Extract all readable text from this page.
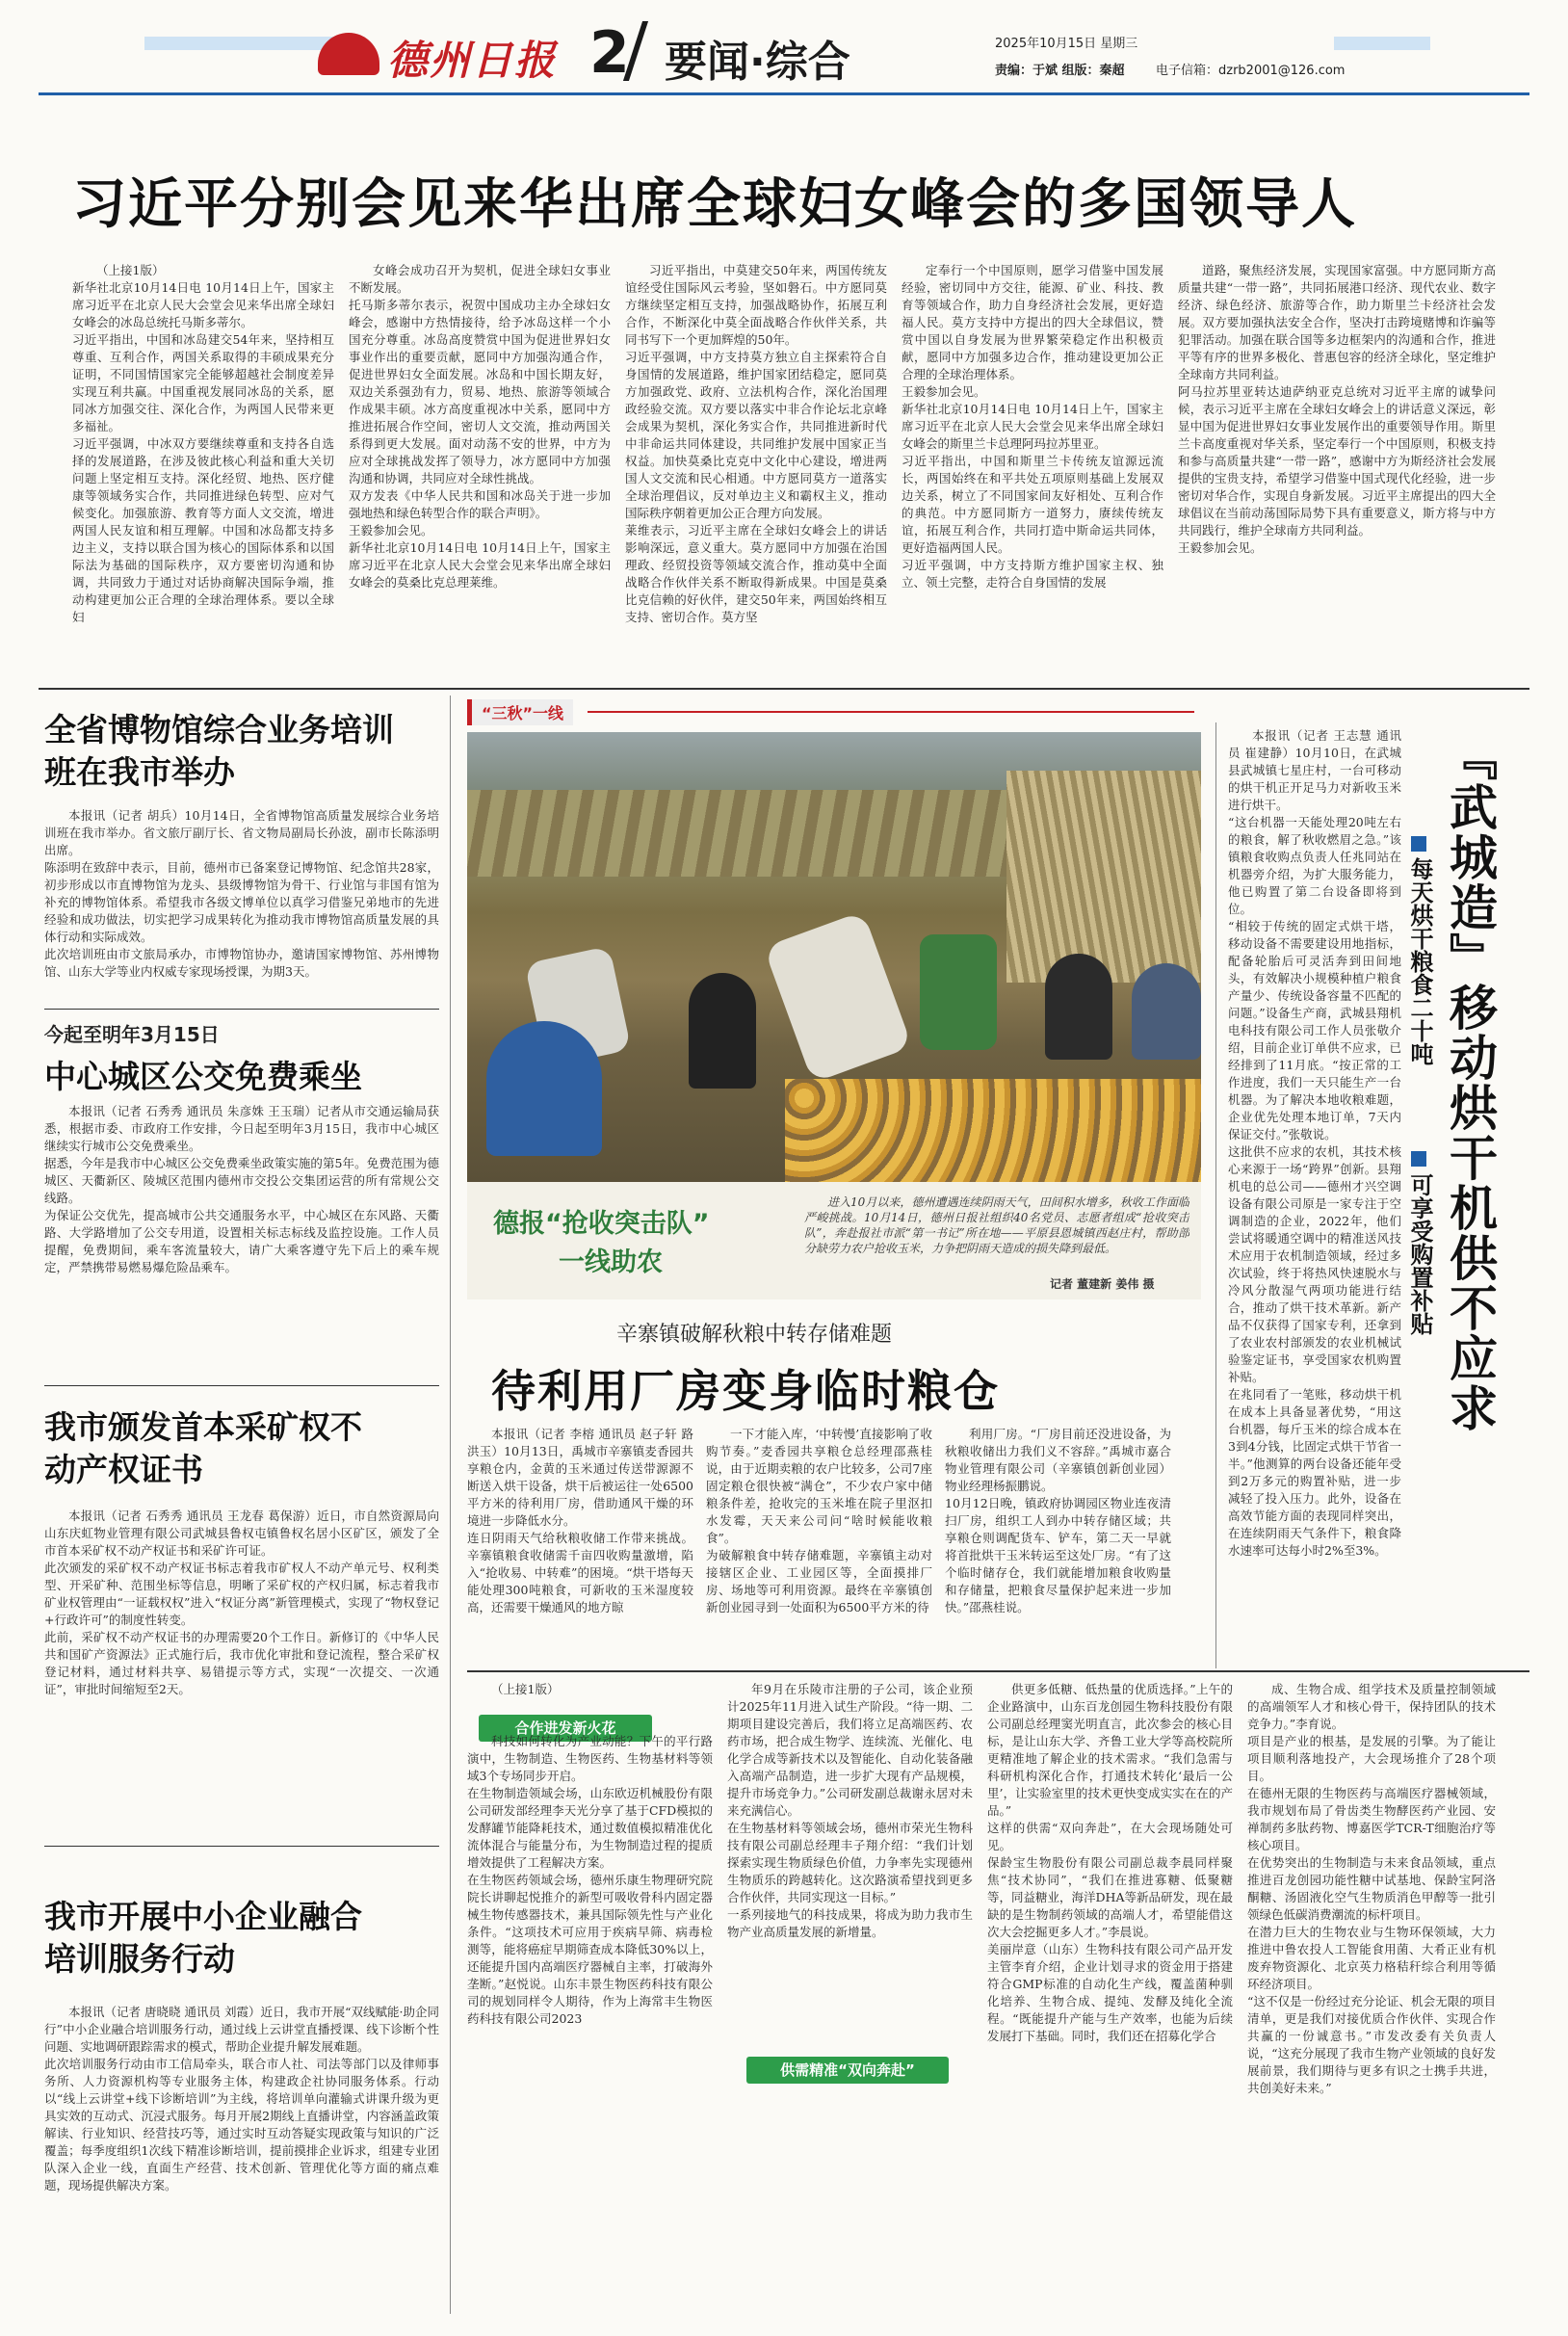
德州日报 2 要闻·综合	2025年10月15日 星期三
责编：于斌 组版：秦超 电子信箱：dzrb2001@126.com
习近平分别会见来华出席全球妇女峰会的多国领导人
（上接1版）
新华社北京10月14日电 10月14日上午，国家主席习近平在北京人民大会堂会见来华出席全球妇女峰会的冰岛总统托马斯多蒂尔。
习近平指出，中国和冰岛建交54年来，坚持相互尊重、互利合作，两国关系取得的丰硕成果充分证明，不同国情国家完全能够超越社会制度差异实现互利共赢。中国重视发展同冰岛的关系，愿同冰方加强交往、深化合作，为两国人民带来更多福祉。
习近平强调，中冰双方要继续尊重和支持各自选择的发展道路，在涉及彼此核心利益和重大关切问题上坚定相互支持。深化经贸、地热、医疗健康等领域务实合作，共同推进绿色转型、应对气候变化。加强旅游、教育等方面人文交流，增进两国人民友谊和相互理解。中国和冰岛都支持多边主义，支持以联合国为核心的国际体系和以国际法为基础的国际秩序，双方要密切沟通和协调，共同致力于通过对话协商解决国际争端，推动构建更加公正合理的全球治理体系。要以全球妇
女峰会成功召开为契机，促进全球妇女事业不断发展。
托马斯多蒂尔表示，祝贺中国成功主办全球妇女峰会，感谢中方热情接待，给予冰岛这样一个小国充分尊重。冰岛高度赞赏中国为促进世界妇女事业作出的重要贡献，愿同中方加强沟通合作，促进世界妇女全面发展。冰岛和中国长期友好，双边关系强劲有力，贸易、地热、旅游等领域合作成果丰硕。冰方高度重视冰中关系，愿同中方推进拓展合作空间，密切人文交流，推动两国关系得到更大发展。面对动荡不安的世界，中方为应对全球挑战发挥了领导力，冰方愿同中方加强沟通和协调，共同应对全球性挑战。
双方发表《中华人民共和国和冰岛关于进一步加强地热和绿色转型合作的联合声明》。
王毅参加会见。
新华社北京10月14日电 10月14日上午，国家主席习近平在北京人民大会堂会见来华出席全球妇女峰会的莫桑比克总理莱维。
习近平指出，中莫建交50年来，两国传统友谊经受住国际风云考验，坚如磐石。中方愿同莫方继续坚定相互支持，加强战略协作，拓展互利合作，不断深化中莫全面战略合作伙伴关系，共同书写下一个更加辉煌的50年。
习近平强调，中方支持莫方独立自主探索符合自身国情的发展道路，维护国家团结稳定，愿同莫方加强政党、政府、立法机构合作，深化治国理政经验交流。双方要以落实中非合作论坛北京峰会成果为契机，深化务实合作，共同推进新时代中非命运共同体建设，共同维护发展中国家正当权益。加快莫桑比克克中文化中心建设，增进两国人文交流和民心相通。中方愿同莫方一道落实全球治理倡议，反对单边主义和霸权主义，推动国际秩序朝着更加公正合理方向发展。
莱维表示，习近平主席在全球妇女峰会上的讲话影响深远，意义重大。莫方愿同中方加强在治国理政、经贸投资等领域交流合作，推动莫中全面战略合作伙伴关系不断取得新成果。中国是莫桑比克信赖的好伙伴，建交50年来，两国始终相互支持、密切合作。莫方坚
定奉行一个中国原则，愿学习借鉴中国发展经验，密切同中方交往，能源、矿业、科技、教育等领域合作，助力自身经济社会发展，更好造福人民。莫方支持中方提出的四大全球倡议，赞赏中国以自身发展为世界繁荣稳定作出积极贡献，愿同中方加强多边合作，推动建设更加公正合理的全球治理体系。
王毅参加会见。
新华社北京10月14日电 10月14日上午，国家主席习近平在北京人民大会堂会见来华出席全球妇女峰会的斯里兰卡总理阿玛拉苏里亚。
习近平指出，中国和斯里兰卡传统友谊源远流长，两国始终在和平共处五项原则基础上发展双边关系，树立了不同国家间友好相处、互利合作的典范。中方愿同斯方一道努力，赓续传统友谊，拓展互利合作，共同打造中斯命运共同体，更好造福两国人民。
习近平强调，中方支持斯方维护国家主权、独立、领土完整，走符合自身国情的发展
道路，聚焦经济发展，实现国家富强。中方愿同斯方高质量共建“一带一路”，共同拓展港口经济、现代农业、数字经济、绿色经济、旅游等合作，助力斯里兰卡经济社会发展。双方要加强执法安全合作，坚决打击跨境赌博和诈骗等犯罪活动。加强在联合国等多边框架内的沟通和合作，推进平等有序的世界多极化、普惠包容的经济全球化，坚定维护全球南方共同利益。
阿马拉苏里亚转达迪萨纳亚克总统对习近平主席的诚挚问候，表示习近平主席在全球妇女峰会上的讲话意义深远，彰显中国为促进世界妇女事业发展作出的重要领导作用。斯里兰卡高度重视对华关系，坚定奉行一个中国原则，积极支持和参与高质量共建“一带一路”，感谢中方为斯经济社会发展提供的宝贵支持，希望学习借鉴中国式现代化经验，进一步密切对华合作，实现自身新发展。习近平主席提出的四大全球倡议在当前动荡国际局势下具有重要意义，斯方将与中方共同践行，维护全球南方共同利益。
王毅参加会见。
全省博物馆综合业务培训班在我市举办
本报讯（记者 胡兵）10月14日，全省博物馆高质量发展综合业务培训班在我市举办。省文旅厅副厅长、省文物局副局长孙波，副市长陈添明出席。
陈添明在致辞中表示，目前，德州市已备案登记博物馆、纪念馆共28家，初步形成以市直博物馆为龙头、县级博物馆为骨干、行业馆与非国有馆为补充的博物馆体系。希望我市各级文博单位以真学习借鉴兄弟地市的先进经验和成功做法，切实把学习成果转化为推动我市博物馆高质量发展的具体行动和实际成效。
此次培训班由市文旅局承办，市博物馆协办，邀请国家博物馆、苏州博物馆、山东大学等业内权威专家现场授课，为期3天。
今起至明年3月15日
中心城区公交免费乘坐
本报讯（记者 石秀秀 通讯员 朱彦姝 王玉瑞）记者从市交通运输局获悉，根据市委、市政府工作安排，今日起至明年3月15日，我市中心城区继续实行城市公交免费乘坐。
据悉，今年是我市中心城区公交免费乘坐政策实施的第5年。免费范围为德城区、天衢新区、陵城区范围内德州市交投公交集团运营的所有常规公交线路。
为保证公交优先，提高城市公共交通服务水平，中心城区在东风路、天衢路、大学路增加了公交专用道，设置相关标志标线及监控设施。工作人员提醒，免费期间，乘车客流量较大，请广大乘客遵守先下后上的乘车规定，严禁携带易燃易爆危险品乘车。
我市颁发首本采矿权不动产权证书
本报讯（记者 石秀秀 通讯员 王龙春 葛保游）近日，市自然资源局向山东庆虹物业管理有限公司武城县鲁权屯镇鲁权名居小区矿区，颁发了全市首本采矿权不动产权证书和采矿许可证。
此次颁发的采矿权不动产权证书标志着我市矿权人不动产单元号、权利类型、开采矿种、范围坐标等信息，明晰了采矿权的产权归属，标志着我市矿业权管理由“一证载权权”进入“权证分离”新管理模式，实现了“物权登记+行政许可”的制度性转变。
此前，采矿权不动产权证书的办理需要20个工作日。新修订的《中华人民共和国矿产资源法》正式施行后，我市优化审批和登记流程，整合采矿权登记材料，通过材料共享、易错提示等方式，实现“一次提交、一次通证”，审批时间缩短至2天。
我市开展中小企业融合培训服务行动
本报讯（记者 唐晓晓 通讯员 刘霞）近日，我市开展“双线赋能·助企同行”中小企业融合培训服务行动，通过线上云讲堂直播授课、线下诊断个性问题、实地调研跟踪需求的模式，帮助企业提升解发展难题。
此次培训服务行动由市工信局牵头，联合市人社、司法等部门以及律师事务所、人力资源机构等专业服务主体，构建政企社协同服务体系。行动以“线上云讲堂+线下诊断培训”为主线，将培训单向灌输式讲课升级为更具实效的互动式、沉浸式服务。每月开展2期线上直播讲堂，内容涵盖政策解读、行业知识、经营技巧等，通过实时互动答疑实现政策与知识的广泛覆盖；每季度组织1次线下精准诊断培训，提前摸排企业诉求，组建专业团队深入企业一线，直面生产经营、技术创新、管理优化等方面的痛点难题，现场提供解决方案。
“三秋”一线
德报“抢收突击队”
一线助农
进入10月以来，德州遭遇连续阴雨天气，田间积水增多，秋收工作面临严峻挑战。10月14日，德州日报社组织40名党员、志愿者组成“抢收突击队”，奔赴报社市派“第一书记”所在地——平原县恩城镇西赵庄村，帮助部分缺劳力农户抢收玉米，力争把阴雨天造成的损失降到最低。
记者 董建新 姜伟 摄
辛寨镇破解秋粮中转存储难题
待利用厂房变身临时粮仓
本报讯（记者 李榕 通讯员 赵子轩 路洪玉）10月13日，禹城市辛寨镇麦香园共享粮仓内，金黄的玉米通过传送带源源不断送入烘干设备，烘干后被运往一处6500平方米的待利用厂房，借助通风干燥的环境进一步降低水分。
连日阴雨天气给秋粮收储工作带来挑战。辛寨镇粮食收储需千亩四收购量激增，陷入“抢收易、中转难”的困境。“烘干塔每天能处理300吨粮食，可新收的玉米湿度较高，还需要干燥通风的地方晾
一下才能入库，‘中转慢’直接影响了收购节奏。”麦香园共享粮仓总经理邵燕桂说，由于近期卖粮的农户比较多，公司7座固定粮仓很快被“满仓”，不少农户家中储粮条件差，抢收完的玉米堆在院子里沤扣水发霉，天天来公司问“啥时候能收粮食”。
为破解粮食中转存储难题，辛寨镇主动对接辖区企业、工业园区等，全面摸排厂房、场地等可利用资源。最终在辛寨镇创新创业园寻到一处面积为6500平方米的待
利用厂房。“厂房目前还没进设备，为秋粮收储出力我们义不容辞。”禹城市嘉合物业管理有限公司（辛寨镇创新创业园）物业经理杨振鹏说。
10月12日晚，镇政府协调园区物业连夜清扫厂房，组织工人到办中转存储区域；共享粮仓则调配货车、铲车，第二天一早就将首批烘干玉米转运至这处厂房。“有了这个临时储存仓，我们就能增加粮食收购量和存储量，把粮食尽量保护起来进一步加快。”邵燕桂说。
本报讯（记者 王志慧 通讯员 崔建静）10月10日，在武城县武城镇七星庄村，一台可移动的烘干机正开足马力对新收玉米进行烘干。
“这台机器一天能处理20吨左右的粮食，解了秋收燃眉之急。”该镇粮食收购点负责人任兆同站在机器旁介绍，为扩大服务能力，他已购置了第二台设备即将到位。
“相较于传统的固定式烘干塔，移动设备不需要建设用地指标，配备轮胎后可灵活奔到田间地头，有效解决小规模种植户粮食产量少、传统设备容量不匹配的问题。”设备生产商，武城县翔机电科技有限公司工作人员张敬介绍，目前企业订单供不应求，已经排到了11月底。“按正常的工作进度，我们一天只能生产一台机器。为了解决本地收粮难题，企业优先处理本地订单，7天内保证交付。”张敬说。
这批供不应求的农机，其技术核心来源于一场“跨界”创新。县翔机电的总公司——德州才兴空调设备有限公司原是一家专注于空调制造的企业，2022年，他们尝试将暖通空调中的精准送风技术应用于农机制造领域，经过多次试验，终于将热风快速脱水与冷风分散湿气两项功能进行结合，推动了烘干技术革新。新产品不仅获得了国家专利，还拿到了农业农村部颁发的农业机械试验鉴定证书，享受国家农机购置补贴。
在兆同看了一笔账，移动烘干机在成本上具备显著优势，“用这台机器，每斤玉米的综合成本在3到4分钱，比固定式烘干节省一半。”他测算的两台设备还能年受到2万多元的购置补贴，进一步减轻了投入压力。此外，设备在高效节能方面的表现同样突出，在连续阴雨天气条件下，粮食降水速率可达每小时2%至3%。
『武城造』移动烘干机供不应求
每天烘干粮食二十吨
可享受购置补贴
合作进发新火花
（上接1版）
科技如何转化为产业动能？下午的平行路演中，生物制造、生物医药、生物基材料等领域3个专场同步开启。
在生物制造领域会场，山东欧迈机械股份有限公司研发部经理李天光分享了基于CFD模拟的发酵罐节能降耗技术，通过数值模拟精准优化流体混合与能量分布，为生物制造过程的提质增效提供了工程解决方案。
在生物医药领域会场，德州乐康生物理研究院院长讲聊起悦推介的新型可吸收骨科内固定器械生物传感器技术，兼具国际领先性与产业化条件。“这项技术可应用于疾病早筛、病毒检测等，能将癌症早期筛查成本降低30%以上，还能提升国内高端医疗器械自主率，打破海外垄断。”赵悦说。山东丰景生物医药科技有限公司的规划同样令人期待，作为上海常丰生物医药科技有限公司2023
年9月在乐陵市注册的子公司，该企业预计2025年11月进入试生产阶段。“待一期、二期项目建设完善后，我们将立足高端医药、农药市场，把合成生物学、连续流、光催化、电化学合成等新技术以及智能化、自动化装备融入高端产品制造，进一步扩大现有产品规模，提升市场竞争力。”公司研发副总裁谢永居对未来充满信心。
在生物基材料等领域会场，德州市荣光生物科技有限公司副总经理丰子翔介绍：“我们计划探索实现生物质绿色价值，力争率先实现德州生物质乐的跨越转化。这次路演希望找到更多合作伙伴，共同实现这一目标。”
一系列接地气的科技成果，将成为助力我市生物产业高质量发展的新增量。
供需精准“双向奔赴”
供更多低糖、低热量的优质选择。”上午的企业路演中，山东百龙创园生物科技股份有限公司副总经理窦光明直言，此次参会的核心目标，是让山东大学、齐鲁工业大学等高校院所更精准地了解企业的技术需求。“我们急需与科研机构深化合作，打通技术转化‘最后一公里’，让实验室里的技术更快变成实实在在的产品。”
这样的供需“双向奔赴”，在大会现场随处可见。
保龄宝生物股份有限公司副总裁李晨同样聚焦“技术协同”，“我们在推进寡糖、低聚糖等，同益糖业，海洋DHA等新品研发，现在最缺的是生物制药领域的高端人才，希望能借这次大会挖掘更多人才。”李晨说。
美丽岸意（山东）生物科技有限公司产品开发主管李育介绍，企业计划寻求的资金用于搭建符合GMP标准的自动化生产线，覆盖菌种驯化培养、生物合成、提纯、发酵及纯化全流程。“既能提升产能与生产效率，也能为后续发展打下基础。同时，我们还在招募化学合
成、生物合成、组学技术及质量控制领域的高端领军人才和核心骨干，保持团队的技术竞争力。”李育说。
项目是产业的根基，是发展的引擎。为了能让项目顺利落地投产，大会现场推介了28个项目。
在德州无限的生物医药与高端医疗器械领域，我市规划布局了骨齿类生物酵医药产业园、安禅制药多肽药物、博嘉医学TCR-T细胞治疗等核心项目。
在优势突出的生物制造与未来食品领域，重点推进百龙创园功能性糖中试基地、保龄宝阿洛酮糖、汤固液化空气生物质消色甲醇等一批引领绿色低碳消费潮流的标杆项目。
在潜力巨大的生物农业与生物环保领域，大力推进中鲁农投人工智能食用菌、大肴正业有机废弃物资源化、北京英力格秸秆综合利用等循环经济项目。
“这不仅是一份经过充分论证、机会无限的项目清单，更是我们对接优质合作伙伴、实现合作共赢的一份诚意书。”市发改委有关负责人说，“这充分展现了我市生物产业领域的良好发展前景，我们期待与更多有识之士携手共进，共创美好未来。”
